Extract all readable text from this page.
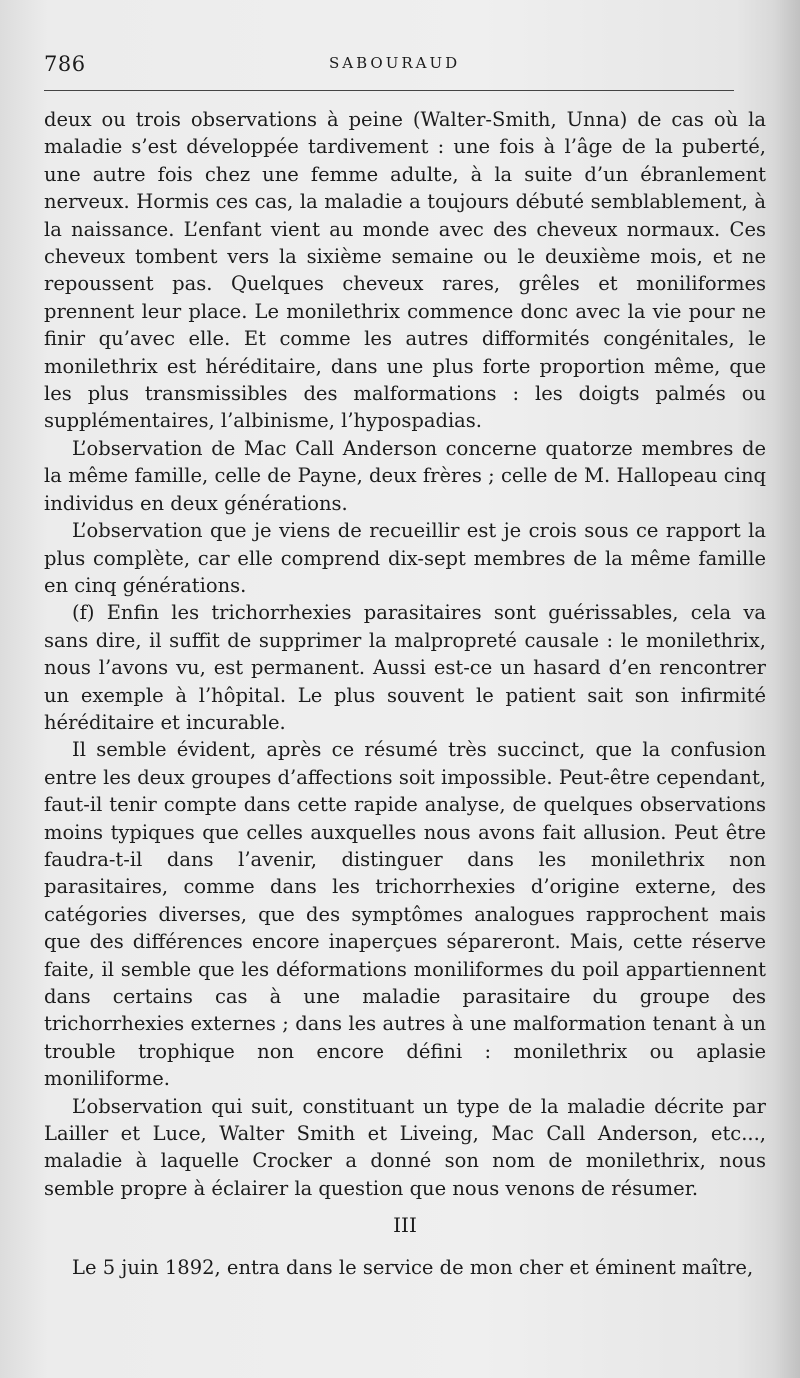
786	SABOURAUD

deux ou trois observations à peine (Walter-Smith, Unna) de cas où la maladie s’est développée tardivement : une fois à l’âge de la puberté, une autre fois chez une femme adulte, à la suite d’un ébranlement nerveux. Hormis ces cas, la maladie a toujours débuté semblablement, à la naissance. L’enfant vient au monde avec des cheveux normaux. Ces cheveux tombent vers la sixième semaine ou le deuxième mois, et ne repoussent pas. Quelques cheveux rares, grêles et moniliformes prennent leur place. Le monilethrix commence donc avec la vie pour ne finir qu’avec elle. Et comme les autres difformités congénitales, le monilethrix est héréditaire, dans une plus forte proportion même, que les plus transmissibles des malformations : les doigts palmés ou supplémentaires, l’albinisme, l’hypospadias.

L’observation de Mac Call Anderson concerne quatorze membres de la même famille, celle de Payne, deux frères ; celle de M. Hallopeau cinq individus en deux générations.

L’observation que je viens de recueillir est je crois sous ce rapport la plus complète, car elle comprend dix-sept membres de la même famille en cinq générations.

(f) Enfin les trichorrhexies parasitaires sont guérissables, cela va sans dire, il suffit de supprimer la malpropreté causale : le monilethrix, nous l’avons vu, est permanent. Aussi est-ce un hasard d’en rencontrer un exemple à l’hôpital. Le plus souvent le patient sait son infirmité héréditaire et incurable.

Il semble évident, après ce résumé très succinct, que la confusion entre les deux groupes d’affections soit impossible. Peut-être cependant, faut-il tenir compte dans cette rapide analyse, de quelques observations moins typiques que celles auxquelles nous avons fait allusion. Peut être faudra-t-il dans l’avenir, distinguer dans les monilethrix non parasitaires, comme dans les trichorrhexies d’origine externe, des catégories diverses, que des symptômes analogues rapprochent mais que des différences encore inaperçues sépareront. Mais, cette réserve faite, il semble que les déformations moniliformes du poil appartiennent dans certains cas à une maladie parasitaire du groupe des trichorrhexies externes ; dans les autres à une malformation tenant à un trouble trophique non encore défini : monilethrix ou aplasie moniliforme.

L’observation qui suit, constituant un type de la maladie décrite par Lailler et Luce, Walter Smith et Liveing, Mac Call Anderson, etc..., maladie à laquelle Crocker a donné son nom de monilethrix, nous semble propre à éclairer la question que nous venons de résumer.

III

Le 5 juin 1892, entra dans le service de mon cher et éminent maître,
